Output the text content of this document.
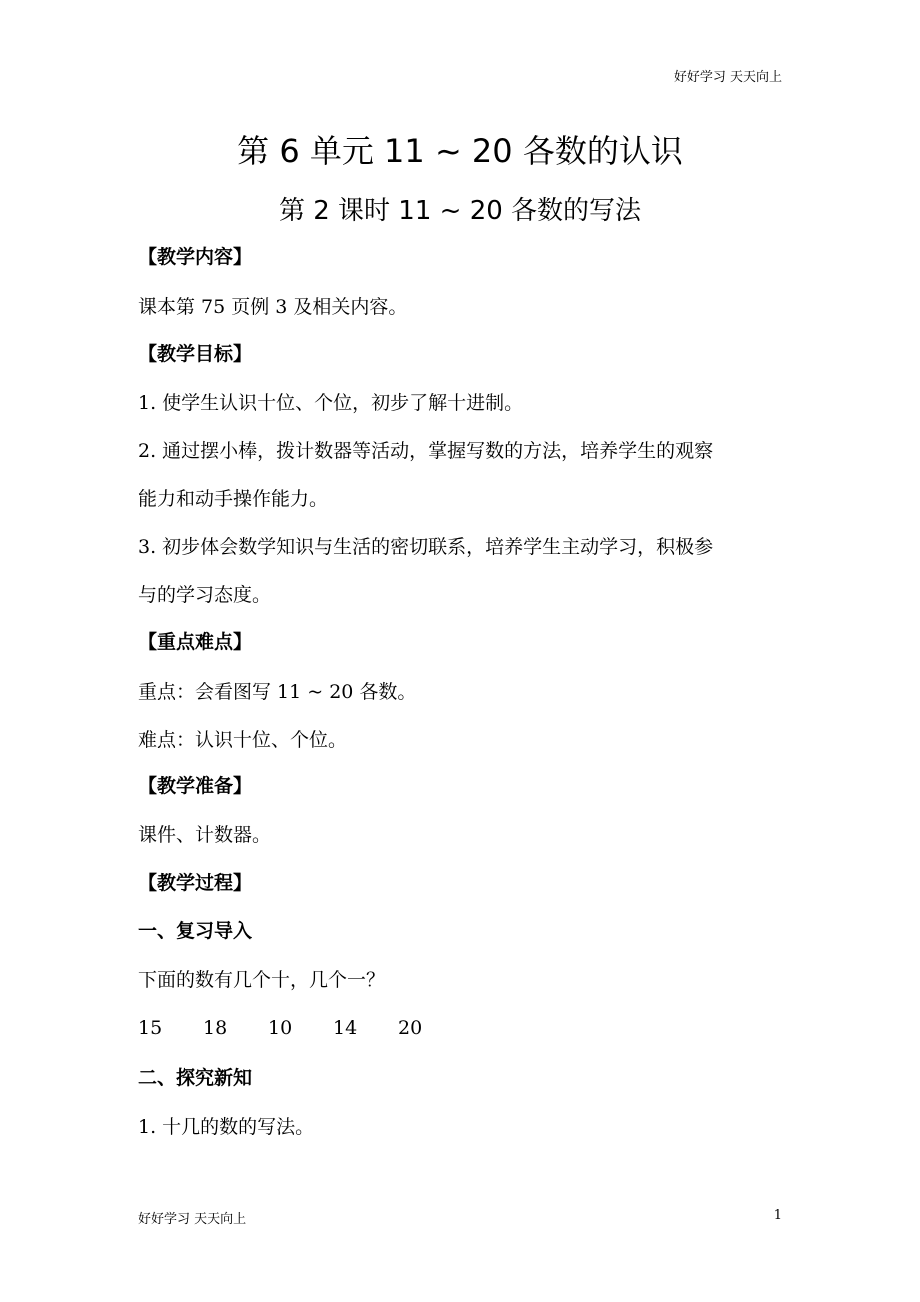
好好学习 天天向上
第 6 单元 11 ~ 20 各数的认识
第 2 课时 11 ~ 20 各数的写法
【教学内容】
课本第 75 页例 3 及相关内容。
【教学目标】
1. 使学生认识十位、个位，初步了解十进制。
2. 通过摆小棒，拨计数器等活动，掌握写数的方法，培养学生的观察
能力和动手操作能力。
3. 初步体会数学知识与生活的密切联系，培养学生主动学习，积极参
与的学习态度。
【重点难点】
重点：会看图写 11 ~ 20 各数。
难点：认识十位、个位。
【教学准备】
课件、计数器。
【教学过程】
一、复习导入
下面的数有几个十，几个一？
15 18 10 14 20
二、探究新知
1. 十几的数的写法。
好好学习 天天向上	1
